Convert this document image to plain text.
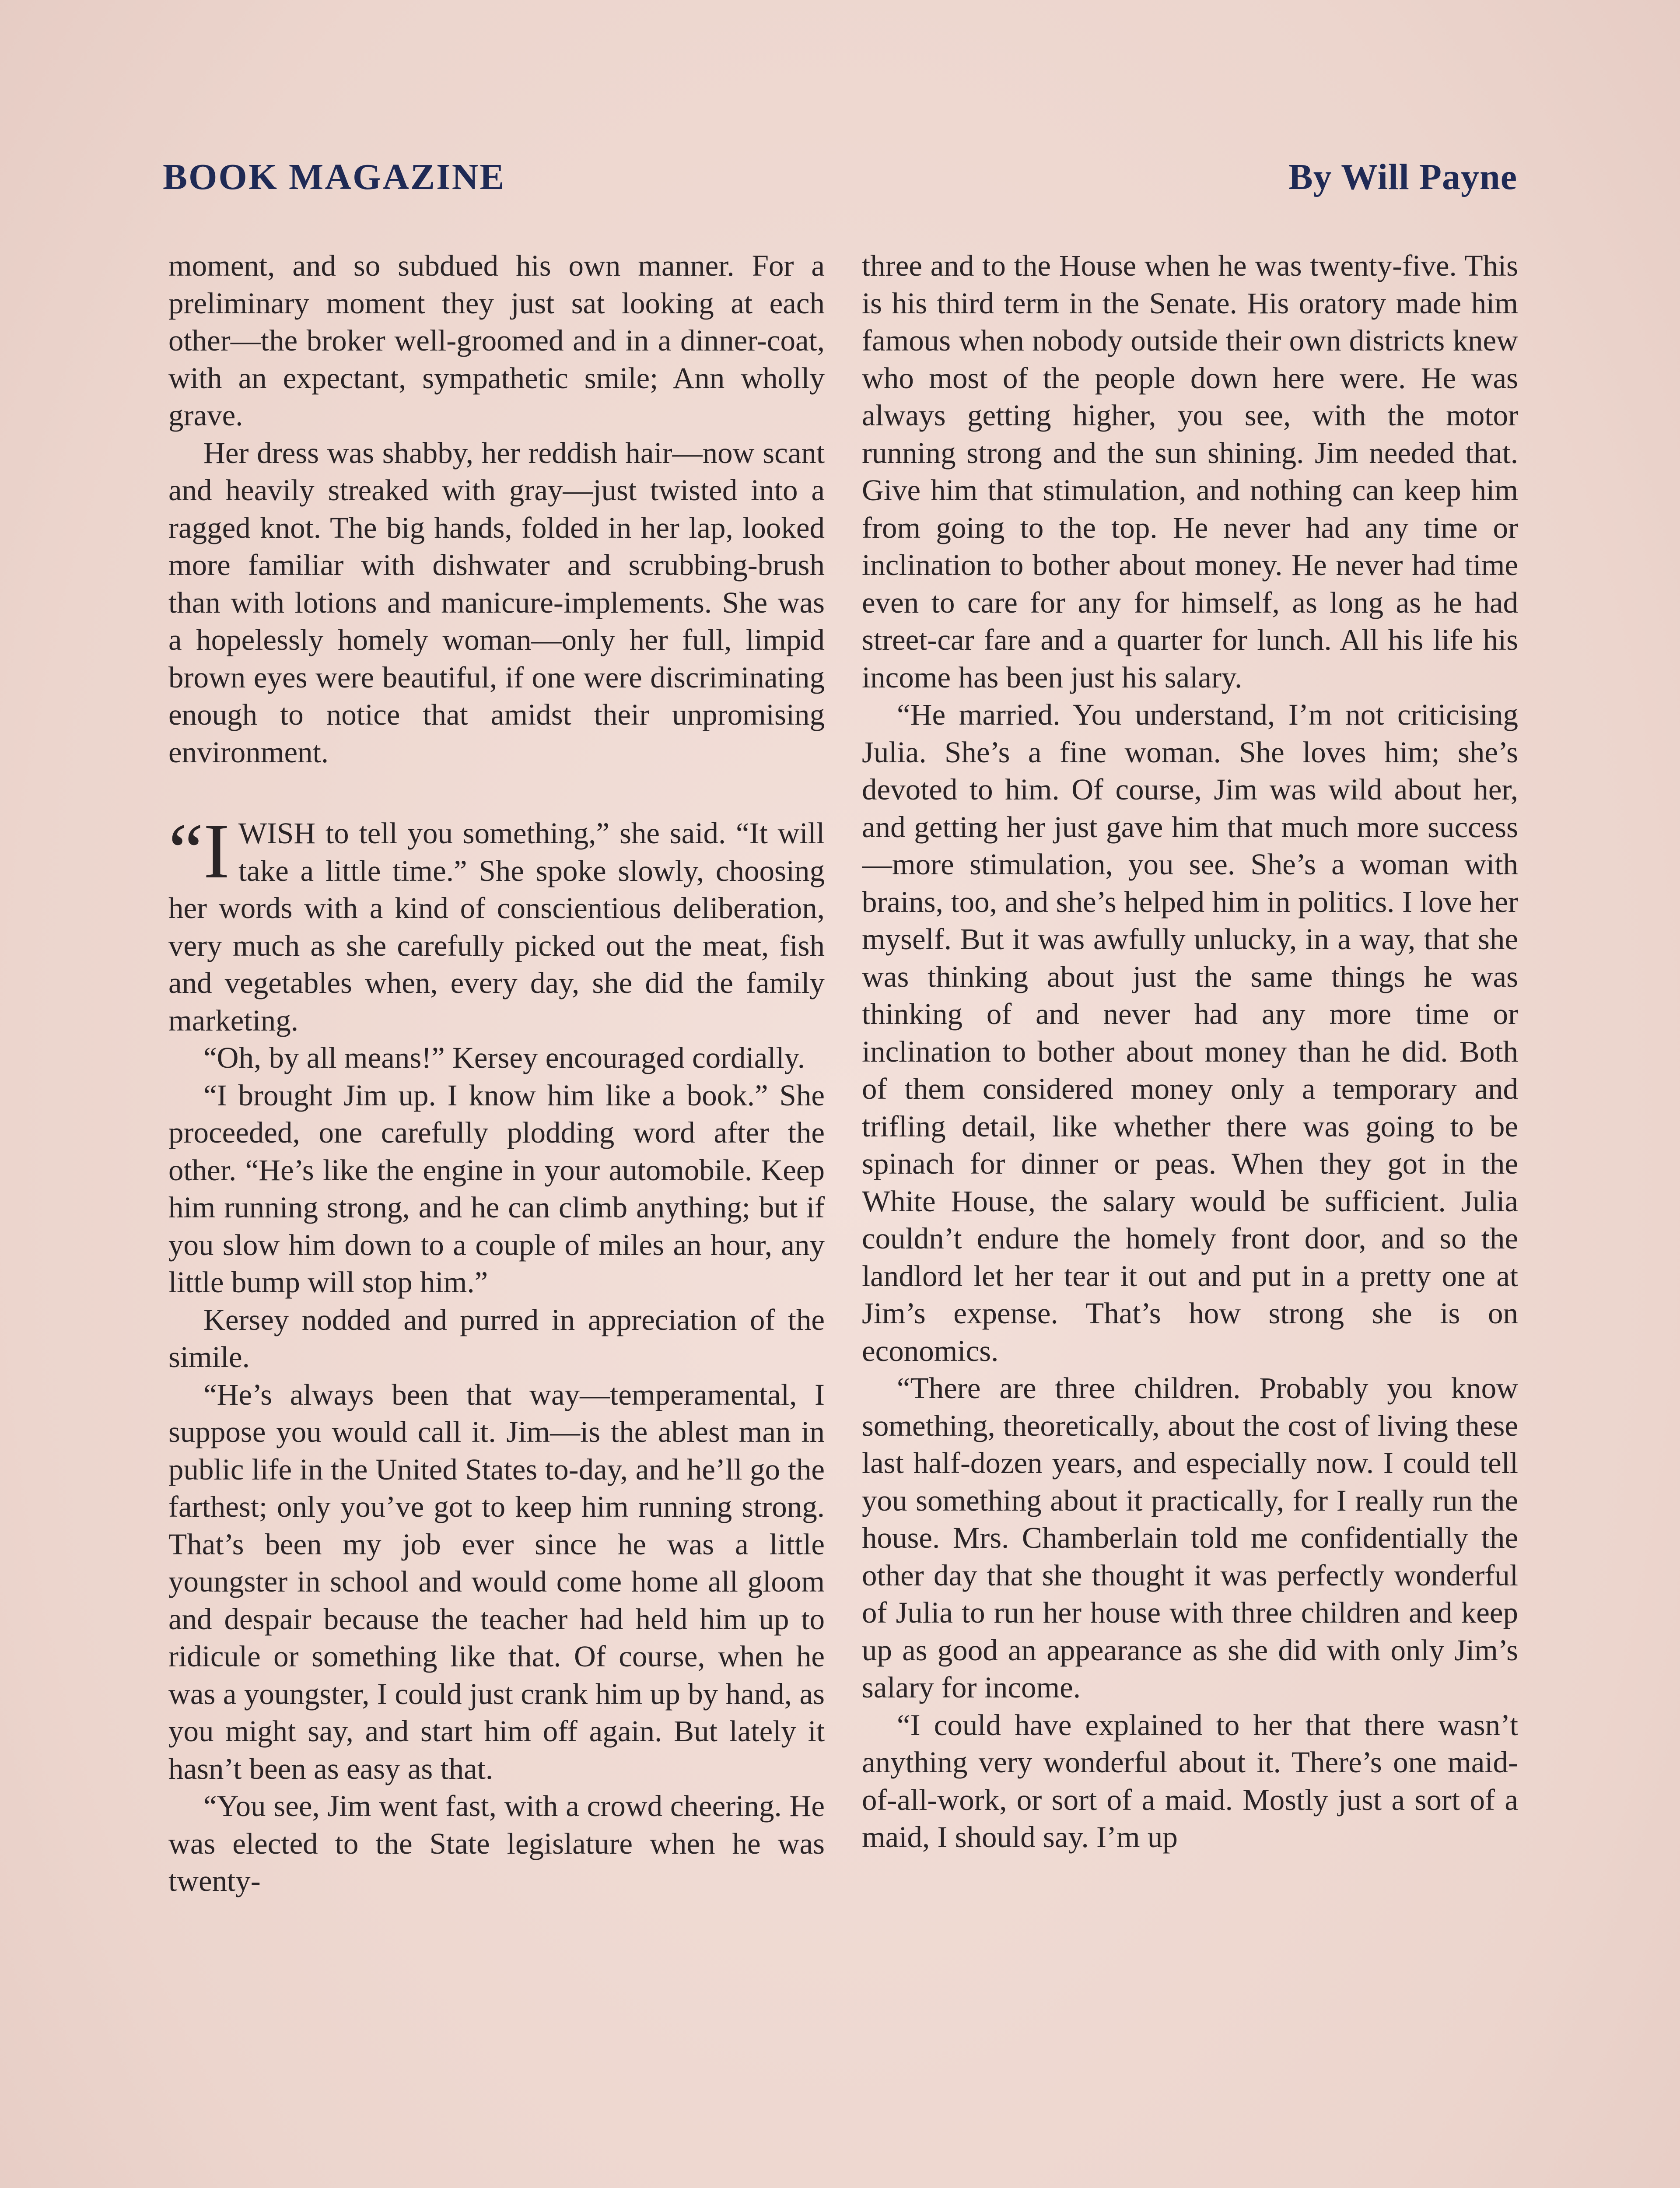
BOOK MAGAZINE	By Will Payne

moment, and so subdued his own manner. For a preliminary moment they just sat looking at each other—the broker well-groomed and in a dinner-coat, with an expectant, sympathetic smile; Ann wholly grave.

Her dress was shabby, her reddish hair—now scant and heavily streaked with gray—just twisted into a ragged knot. The big hands, folded in her lap, looked more familiar with dishwater and scrubbing-brush than with lotions and manicure-implements. She was a hopelessly homely woman—only her full, limpid brown eyes were beautiful, if one were discriminating enough to notice that amidst their unpromising environment.

“IWISH to tell you something,” she said. “It will take a little time.” She spoke slowly, choosing her words with a kind of conscientious deliberation, very much as she carefully picked out the meat, fish and vegetables when, every day, she did the family marketing.

“Oh, by all means!” Kersey encouraged cordially.

“I brought Jim up. I know him like a book.” She proceeded, one carefully plodding word after the other. “He’s like the engine in your automobile. Keep him running strong, and he can climb anything; but if you slow him down to a couple of miles an hour, any little bump will stop him.”

Kersey nodded and purred in appreciation of the simile.

“He’s always been that way—temperamental, I suppose you would call it. Jim—is the ablest man in public life in the United States to-day, and he’ll go the farthest; only you’ve got to keep him running strong. That’s been my job ever since he was a little youngster in school and would come home all gloom and despair because the teacher had held him up to ridicule or something like that. Of course, when he was a youngster, I could just crank him up by hand, as you might say, and start him off again. But lately it hasn’t been as easy as that.

“You see, Jim went fast, with a crowd cheering. He was elected to the State legislature when he was twenty-

three and to the House when he was twenty-five. This is his third term in the Senate. His oratory made him famous when nobody outside their own districts knew who most of the people down here were. He was always getting higher, you see, with the motor running strong and the sun shining. Jim needed that. Give him that stimulation, and nothing can keep him from going to the top. He never had any time or inclination to bother about money. He never had time even to care for any for himself, as long as he had street-car fare and a quarter for lunch. All his life his income has been just his salary.

“He married. You understand, I’m not criticising Julia. She’s a fine woman. She loves him; she’s devoted to him. Of course, Jim was wild about her, and getting her just gave him that much more success—more stimulation, you see. She’s a woman with brains, too, and she’s helped him in politics. I love her myself. But it was awfully unlucky, in a way, that she was thinking about just the same things he was thinking of and never had any more time or inclination to bother about money than he did. Both of them considered money only a temporary and trifling detail, like whether there was going to be spinach for dinner or peas. When they got in the White House, the salary would be sufficient. Julia couldn’t endure the homely front door, and so the landlord let her tear it out and put in a pretty one at Jim’s expense. That’s how strong she is on economics.

“There are three children. Probably you know something, theoretically, about the cost of living these last half-dozen years, and especially now. I could tell you something about it practically, for I really run the house. Mrs. Chamberlain told me confidentially the other day that she thought it was perfectly wonderful of Julia to run her house with three children and keep up as good an appearance as she did with only Jim’s salary for income.

“I could have explained to her that there wasn’t anything very wonderful about it. There’s one maid-of-all-work, or sort of a maid. Mostly just a sort of a maid, I should say. I’m up
